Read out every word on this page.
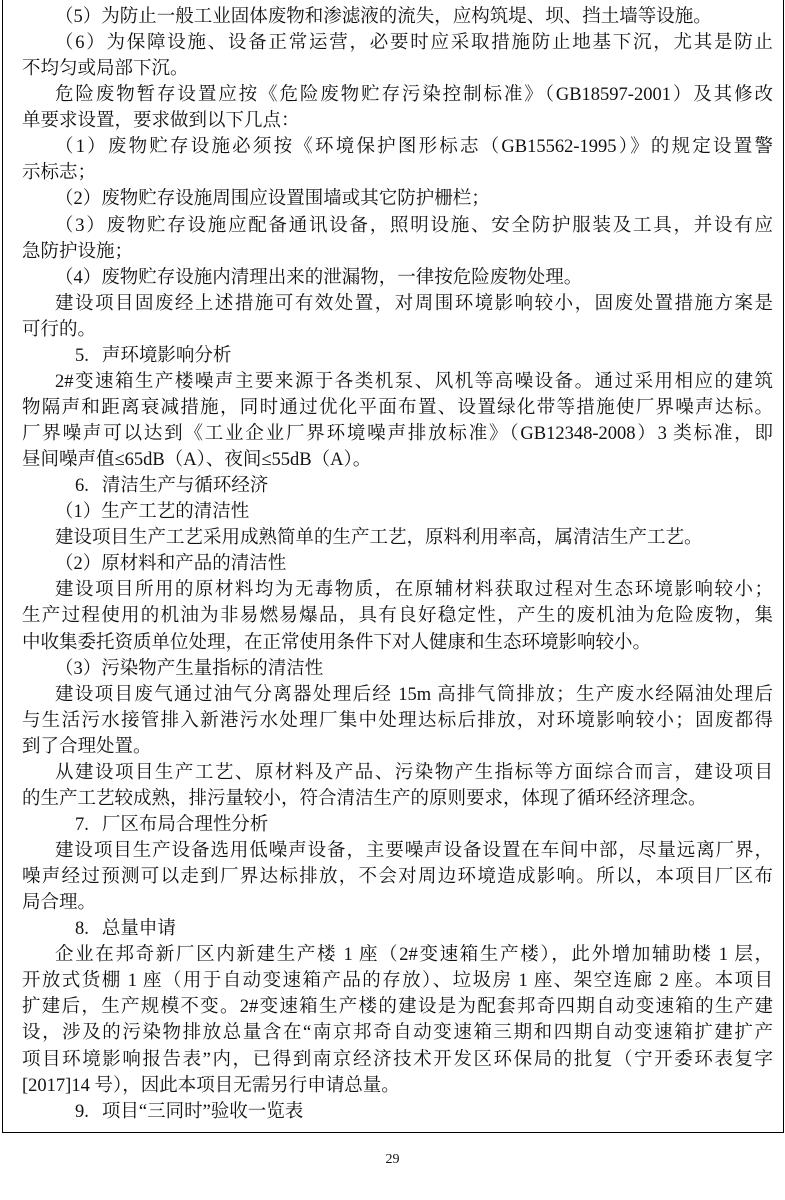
（5）为防止一般工业固体废物和渗滤液的流失，应构筑堤、坝、挡土墙等设施。
（6）为保障设施、设备正常运营，必要时应采取措施防止地基下沉，尤其是防止
不均匀或局部下沉。
危险废物暂存设置应按《危险废物贮存污染控制标准》（GB18597-2001）及其修改
单要求设置，要求做到以下几点：
（1）废物贮存设施必须按《环境保护图形标志（GB15562-1995）》的规定设置警
示标志；
（2）废物贮存设施周围应设置围墙或其它防护栅栏；
（3）废物贮存设施应配备通讯设备，照明设施、安全防护服装及工具，并设有应
急防护设施；
（4）废物贮存设施内清理出来的泄漏物，一律按危险废物处理。
建设项目固废经上述措施可有效处置，对周围环境影响较小，固废处置措施方案是
可行的。
5. 声环境影响分析
2#变速箱生产楼噪声主要来源于各类机泵、风机等高噪设备。通过采用相应的建筑
物隔声和距离衰减措施，同时通过优化平面布置、设置绿化带等措施使厂界噪声达标。
厂界噪声可以达到《工业企业厂界环境噪声排放标准》（GB12348-2008）3 类标准，即
昼间噪声值≤65dB（A）、夜间≤55dB（A）。
6. 清洁生产与循环经济
（1）生产工艺的清洁性
建设项目生产工艺采用成熟简单的生产工艺，原料利用率高，属清洁生产工艺。
（2）原材料和产品的清洁性
建设项目所用的原材料均为无毒物质，在原辅材料获取过程对生态环境影响较小；
生产过程使用的机油为非易燃易爆品，具有良好稳定性，产生的废机油为危险废物，集
中收集委托资质单位处理，在正常使用条件下对人健康和生态环境影响较小。
（3）污染物产生量指标的清洁性
建设项目废气通过油气分离器处理后经 15m 高排气筒排放；生产废水经隔油处理后
与生活污水接管排入新港污水处理厂集中处理达标后排放，对环境影响较小；固废都得
到了合理处置。
从建设项目生产工艺、原材料及产品、污染物产生指标等方面综合而言，建设项目
的生产工艺较成熟，排污量较小，符合清洁生产的原则要求，体现了循环经济理念。
7. 厂区布局合理性分析
建设项目生产设备选用低噪声设备，主要噪声设备设置在车间中部，尽量远离厂界，
噪声经过预测可以走到厂界达标排放，不会对周边环境造成影响。所以，本项目厂区布
局合理。
8. 总量申请
企业在邦奇新厂区内新建生产楼 1 座（2#变速箱生产楼），此外增加辅助楼 1 层，
开放式货棚 1 座（用于自动变速箱产品的存放）、垃圾房 1 座、架空连廊 2 座。本项目
扩建后，生产规模不变。2#变速箱生产楼的建设是为配套邦奇四期自动变速箱的生产建
设，涉及的污染物排放总量含在“南京邦奇自动变速箱三期和四期自动变速箱扩建扩产
项目环境影响报告表”内，已得到南京经济技术开发区环保局的批复（宁开委环表复字
[2017]14 号），因此本项目无需另行申请总量。
9. 项目“三同时”验收一览表
29
